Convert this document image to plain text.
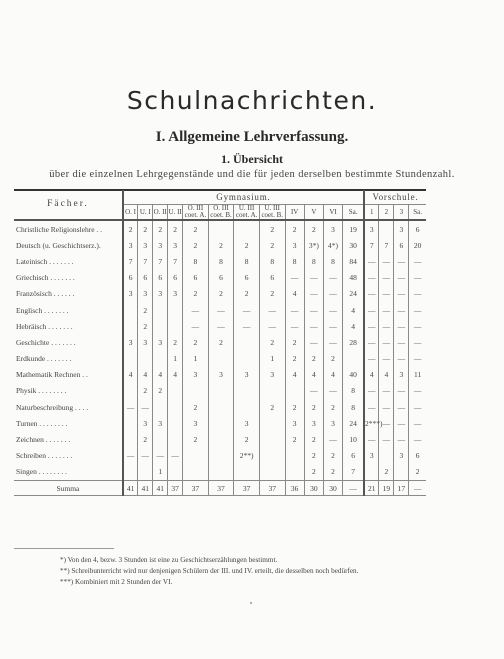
Schulnachrichten.
I. Allgemeine Lehrverfassung.
1. Übersicht
über die einzelnen Lehrgegenstände und die für jeden derselben bestimmte Stundenzahl.
Fächer.	Gymnasium.												Vorschule.			
	O. I	U. I	O. II	U. II	O. III coet. A.	O. III coet. B.	U. III coet. A.	U. III coet. B.	IV	V	VI	Sa.	1	2	3	Sa.
Christliche Religionslehre . .	2	2	2	2	2			2	2	2	3	19	3		3	6
Deutsch (u. Geschichtserz.).	3	3	3	3	2	2	2	2	3	3*)	4*)	30	7	7	6	20
Lateinisch . . . . . . .	7	7	7	7	8	8	8	8	8	8	8	84	—	—	—	—
Griechisch . . . . . . .	6	6	6	6	6	6	6	6	—	—	—	48	—	—	—	—
Französisch . . . . . .	3	3	3	3	2	2	2	2	4	—	—	24	—	—	—	—
Englisch . . . . . . .		2			—	—	—	—	—	—	—	4	—	—	—	—
Hebräisch . . . . . . .		2			—	—	—	—	—	—	—	4	—	—	—	—
Geschichte . . . . . . .	3	3	3	2	2	2		2	2	—	—	28	—	—	—	—
Erdkunde . . . . . . .				1	1			1	2	2	2		—	—	—	—
Mathematik Rechnen . .	4	4	4	4	3	3	3	3	4	4	4	40	4	4	3	11
Physik . . . . . . . .		2	2							—	—	8	—	—	—	—
Naturbeschreibung . . . .	—	—			2			2	2	2	2	8	—	—	—	—
Turnen . . . . . . . .		3	3		3		3		3	3	3	24	2***)	—	—	—
Zeichnen . . . . . . .		2			2		2		2	2	—	10	—	—	—	—
Schreiben . . . . . . .	—	—	—	—			2**)			2	2	6	3		3	6
Singen . . . . . . . .			1							2	2	7		2		2
Summa	41	41	41	37	37	37	37	37	36	30	30	—	21	19	17	—
*) Von den 4, bezw. 3 Stunden ist eine zu Geschichtserzählungen bestimmt.
**) Schreibunterricht wird nur denjenigen Schülern der III. und IV. erteilt, die desselben noch bedürfen.
***) Kombiniert mit 2 Stunden der VI.
